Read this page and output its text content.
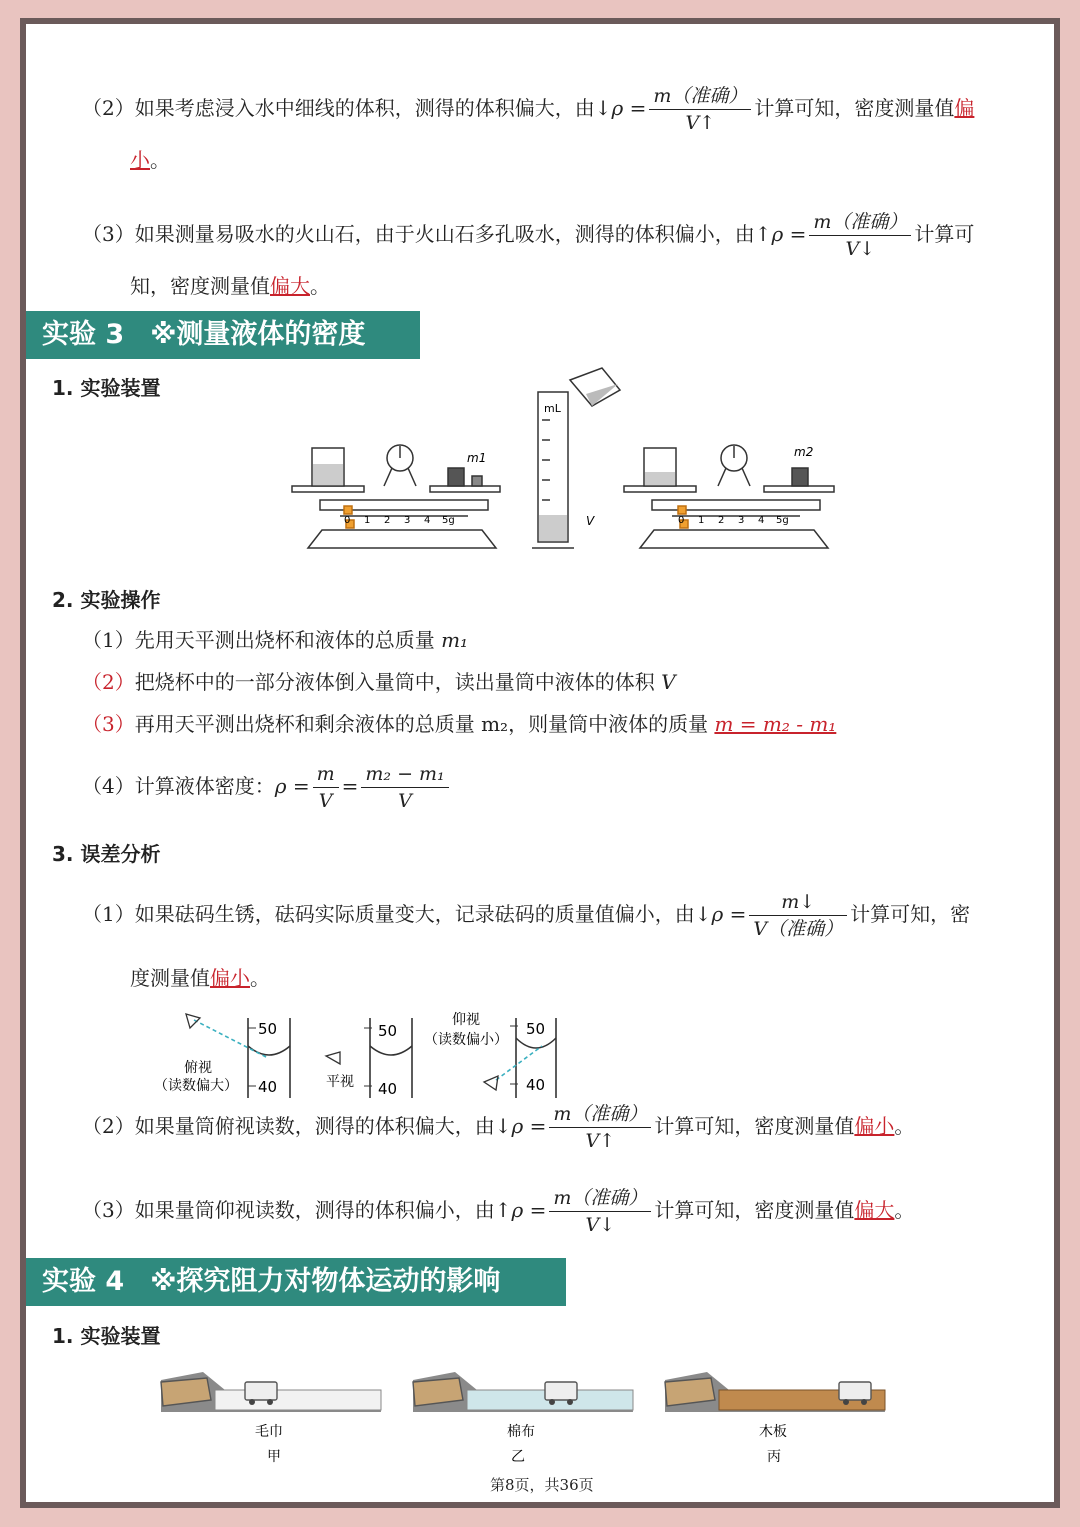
（2）如果考虑浸入水中细线的体积，测得的体积偏大，由↓ρ = $\frac{\text{m（准确）}}{V↑}$ 计算可知，密度测量值偏
小。
（3）如果测量易吸水的火山石，由于火山石多孔吸水，测得的体积偏小，由↑ρ = $\frac{\text{m（准确）}}{V↓}$ 计算可
知，密度测量值偏大。
实验 3 ※测量液体的密度
1. 实验装置
m1
0 1 2 3 4 5g
mL
V
m2
0 1 2 3 4 5g
2. 实验操作
（1）先用天平测出烧杯和液体的总质量 m₁
（2）把烧杯中的一部分液体倒入量筒中，读出量筒中液体的体积 V
（3）再用天平测出烧杯和剩余液体的总质量 m₂，则量筒中液体的质量 m = m₂ - m₁
（4）计算液体密度：$\rho = \frac{m}{V} = \frac{\text{m₂ − m₁}}{V}$
3. 误差分析
（1）如果砝码生锈，砝码实际质量变大，记录砝码的质量值偏小，由↓ρ = $\frac{m↓}{\text{V（准确）}}$ 计算可知，密
度测量值偏小。
50
40
俯视
（读数偏大）
50
40
平视
50
40
仰视
（读数偏小）
（2）如果量筒俯视读数，测得的体积偏大，由↓ρ = $\frac{\text{m（准确）}}{V↑}$ 计算可知，密度测量值偏小。
（3）如果量筒仰视读数，测得的体积偏小，由↑ρ = $\frac{\text{m（准确）}}{V↓}$ 计算可知，密度测量值偏大。
实验 4 ※探究阻力对物体运动的影响
1. 实验装置
毛巾
甲
棉布
乙
木板
丙
第8页，共36页
